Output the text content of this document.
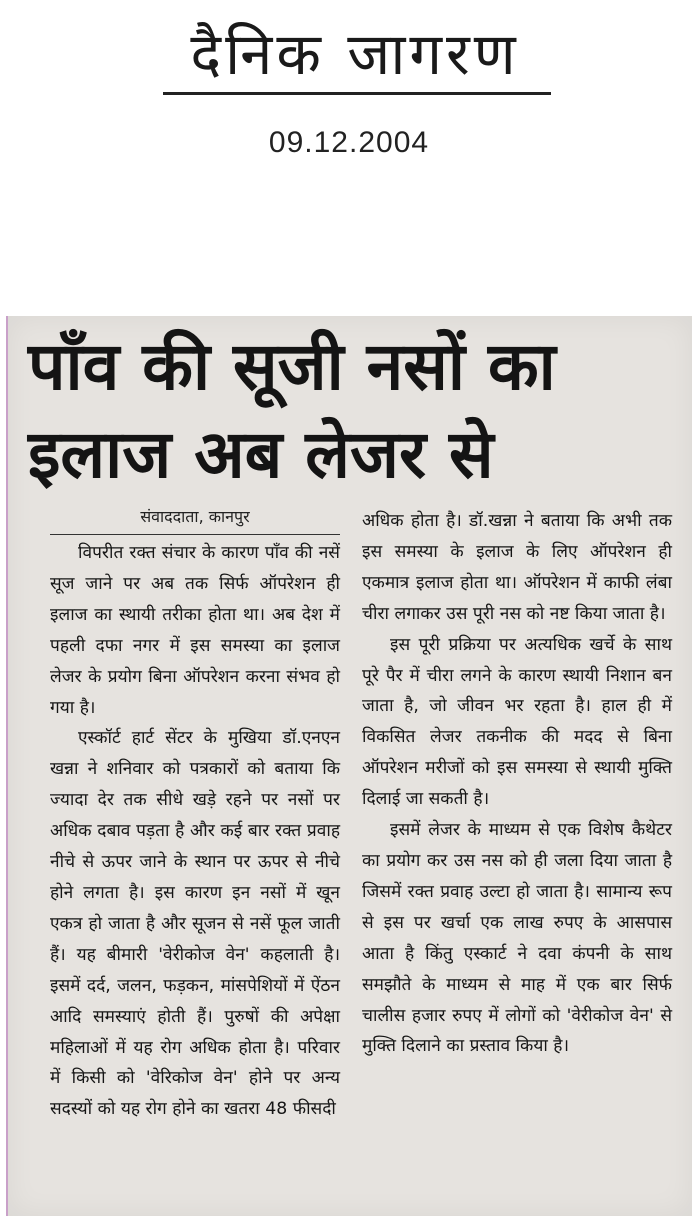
दैनिक जागरण
09.12.2004
पाँव की सूजी नसों का
इलाज अब लेजर से
संवाददाता, कानपुर

विपरीत रक्त संचार के कारण पाँव की नसें सूज जाने पर अब तक सिर्फ ऑपरेशन ही इलाज का स्थायी तरीका होता था। अब देश में पहली दफा नगर में इस समस्या का इलाज लेजर के प्रयोग बिना ऑपरेशन करना संभव हो गया है।

एस्कॉर्ट हार्ट सेंटर के मुखिया डॉ.एनएन खन्ना ने शनिवार को पत्रकारों को बताया कि ज्यादा देर तक सीधे खड़े रहने पर नसों पर अधिक दबाव पड़ता है और कई बार रक्त प्रवाह नीचे से ऊपर जाने के स्थान पर ऊपर से नीचे होने लगता है। इस कारण इन नसों में खून एकत्र हो जाता है और सूजन से नसें फूल जाती हैं। यह बीमारी 'वेरीकोज वेन' कहलाती है। इसमें दर्द, जलन, फड़कन, मांसपेशियों में ऐंठन आदि समस्याएं होती हैं। पुरुषों की अपेक्षा महिलाओं में यह रोग अधिक होता है। परिवार में किसी को 'वेरिकोज वेन' होने पर अन्य सदस्यों को यह रोग होने का खतरा 48 फीसदी

अधिक होता है। डॉ.खन्ना ने बताया कि अभी तक इस समस्या के इलाज के लिए ऑपरेशन ही एकमात्र इलाज होता था। ऑपरेशन में काफी लंबा चीरा लगाकर उस पूरी नस को नष्ट किया जाता है।

इस पूरी प्रक्रिया पर अत्यधिक खर्चे के साथ पूरे पैर में चीरा लगने के कारण स्थायी निशान बन जाता है, जो जीवन भर रहता है। हाल ही में विकसित लेजर तकनीक की मदद से बिना ऑपरेशन मरीजों को इस समस्या से स्थायी मुक्ति दिलाई जा सकती है।

इसमें लेजर के माध्यम से एक विशेष कैथेटर का प्रयोग कर उस नस को ही जला दिया जाता है जिसमें रक्त प्रवाह उल्टा हो जाता है। सामान्य रूप से इस पर खर्चा एक लाख रुपए के आसपास आता है किंतु एस्कार्ट ने दवा कंपनी के साथ समझौते के माध्यम से माह में एक बार सिर्फ चालीस हजार रुपए में लोगों को 'वेरीकोज वेन' से मुक्ति दिलाने का प्रस्ताव किया है।
